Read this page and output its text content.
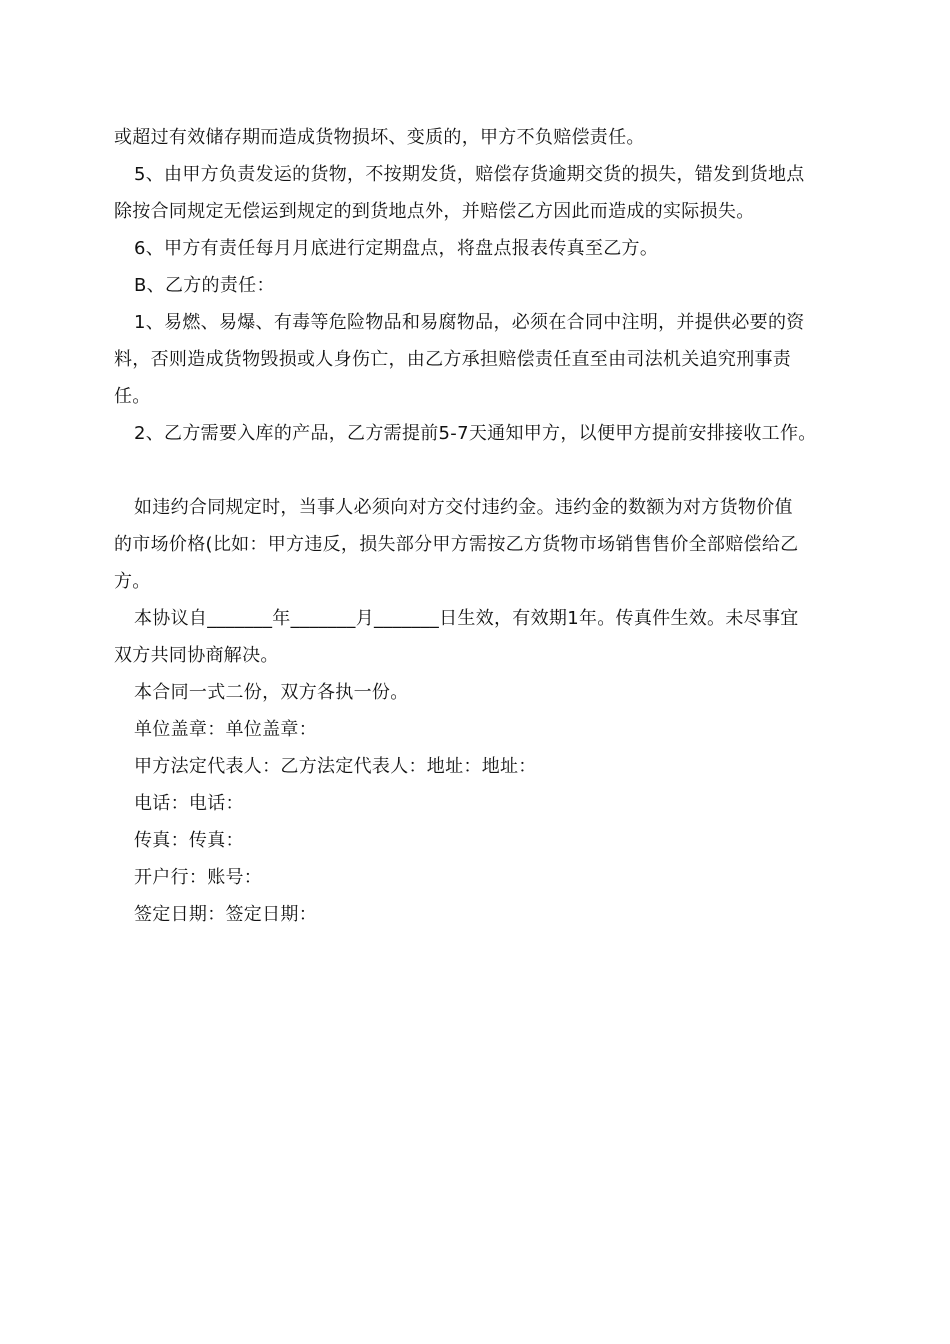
或超过有效储存期而造成货物损坏、变质的，甲方不负赔偿责任。
5、由甲方负责发运的货物，不按期发货，赔偿存货逾期交货的损失，错发到货地点
除按合同规定无偿运到规定的到货地点外，并赔偿乙方因此而造成的实际损失。
6、甲方有责任每月月底进行定期盘点，将盘点报表传真至乙方。
B、乙方的责任：
1、易燃、易爆、有毒等危险物品和易腐物品，必须在合同中注明，并提供必要的资
料，否则造成货物毁损或人身伤亡，由乙方承担赔偿责任直至由司法机关追究刑事责
任。
2、乙方需要入库的产品，乙方需提前5-7天通知甲方，以便甲方提前安排接收工作。
如违约合同规定时，当事人必须向对方交付违约金。违约金的数额为对方货物价值
的市场价格(比如：甲方违反，损失部分甲方需按乙方货物市场销售售价全部赔偿给乙
方。
本协议自_______年_______月_______日生效，有效期1年。传真件生效。未尽事宜
双方共同协商解决。
本合同一式二份，双方各执一份。
单位盖章：单位盖章：
甲方法定代表人：乙方法定代表人：地址：地址：
电话：电话：
传真：传真：
开户行：账号：
签定日期：签定日期：
